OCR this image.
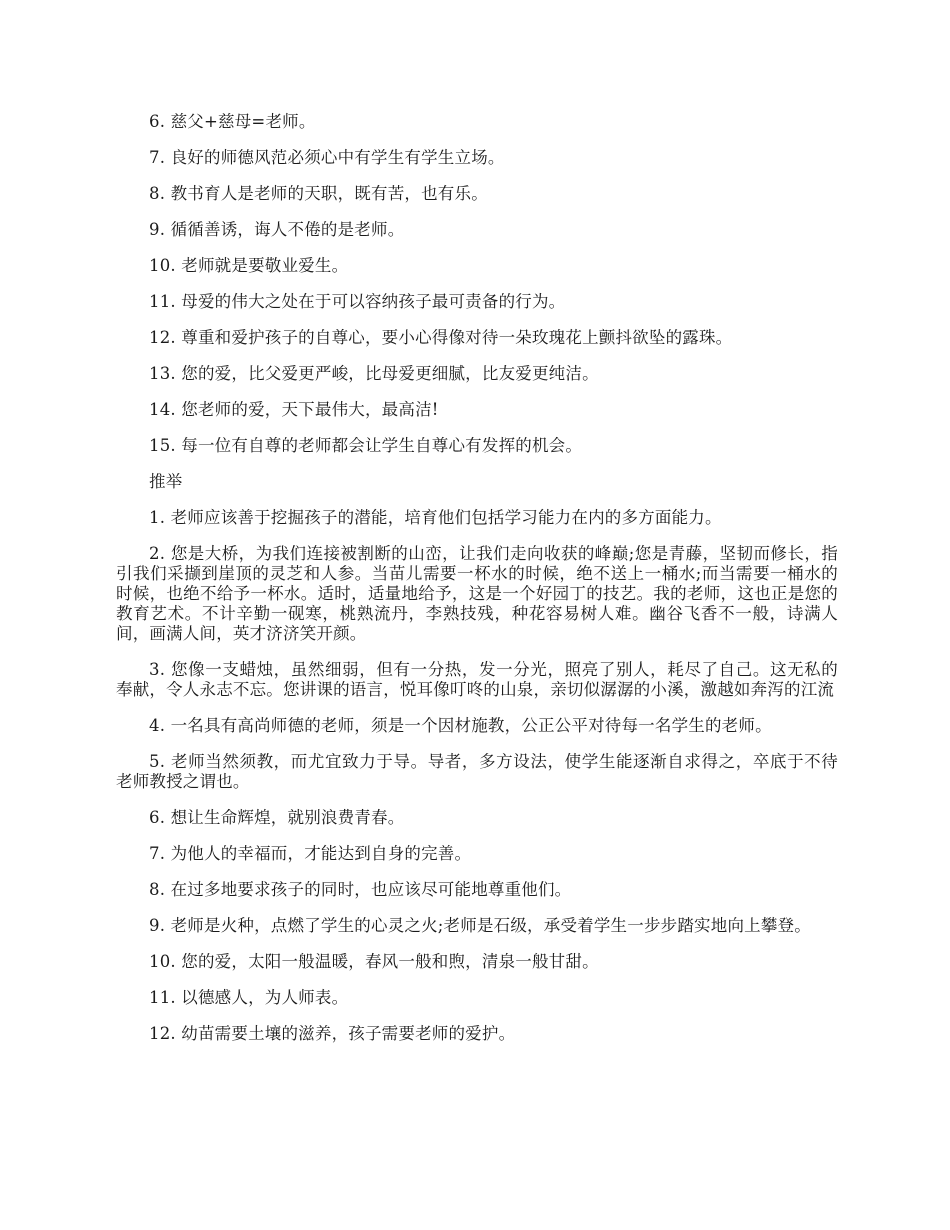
6. 慈父+慈母=老师。

7. 良好的师德风范必须心中有学生有学生立场。

8. 教书育人是老师的天职，既有苦，也有乐。

9. 循循善诱，诲人不倦的是老师。

10. 老师就是要敬业爱生。

11. 母爱的伟大之处在于可以容纳孩子最可责备的行为。

12. 尊重和爱护孩子的自尊心，要小心得像对待一朵玫瑰花上颤抖欲坠的露珠。

13. 您的爱，比父爱更严峻，比母爱更细腻，比友爱更纯洁。

14. 您老师的爱，天下最伟大，最高洁!

15. 每一位有自尊的老师都会让学生自尊心有发挥的机会。

推举

1. 老师应该善于挖掘孩子的潜能，培育他们包括学习能力在内的多方面能力。

2. 您是大桥，为我们连接被割断的山峦，让我们走向收获的峰巅;您是青藤，坚韧而修长，指引我们采撷到崖顶的灵芝和人参。当苗儿需要一杯水的时候，绝不送上一桶水;而当需要一桶水的时候，也绝不给予一杯水。适时，适量地给予，这是一个好园丁的技艺。我的老师，这也正是您的教育艺术。不计辛勤一砚寒，桃熟流丹，李熟技残，种花容易树人难。幽谷飞香不一般，诗满人间，画满人间，英才济济笑开颜。

3. 您像一支蜡烛，虽然细弱，但有一分热，发一分光，照亮了别人，耗尽了自己。这无私的奉献，令人永志不忘。您讲课的语言，悦耳像叮咚的山泉，亲切似潺潺的小溪，激越如奔泻的江流

4. 一名具有高尚师德的老师，须是一个因材施教，公正公平对待每一名学生的老师。

5. 老师当然须教，而尤宜致力于导。导者，多方设法，使学生能逐渐自求得之，卒底于不待老师教授之谓也。

6. 想让生命辉煌，就别浪费青春。

7. 为他人的幸福而，才能达到自身的完善。

8. 在过多地要求孩子的同时，也应该尽可能地尊重他们。

9. 老师是火种，点燃了学生的心灵之火;老师是石级，承受着学生一步步踏实地向上攀登。

10. 您的爱，太阳一般温暖，春风一般和煦，清泉一般甘甜。

11. 以德感人，为人师表。

12. 幼苗需要土壤的滋养，孩子需要老师的爱护。
